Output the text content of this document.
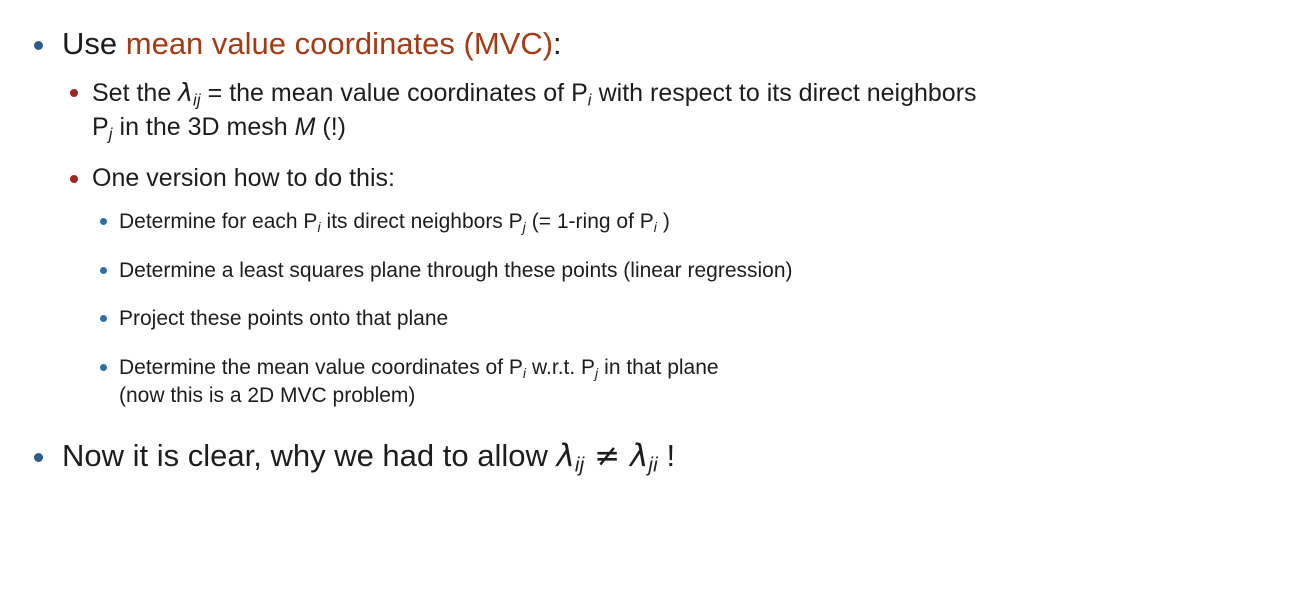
Use mean value coordinates (MVC):
Set the $\lambda_{ij}$ = the mean value coordinates of $P_i$ with respect to its direct neighbors
$P_j$ in the 3D mesh M (!)
One version how to do this:
Determine for each $P_i$ its direct neighbors $P_j$ (= 1-ring of $P_i$ )
Determine a least squares plane through these points (linear regression)
Project these points onto that plane
Determine the mean value coordinates of $P_i$ w.r.t. $P_j$ in that plane
(now this is a 2D MVC problem)
Now it is clear, why we had to allow $\lambda_{ij} \ne \lambda_{ji}$ !
